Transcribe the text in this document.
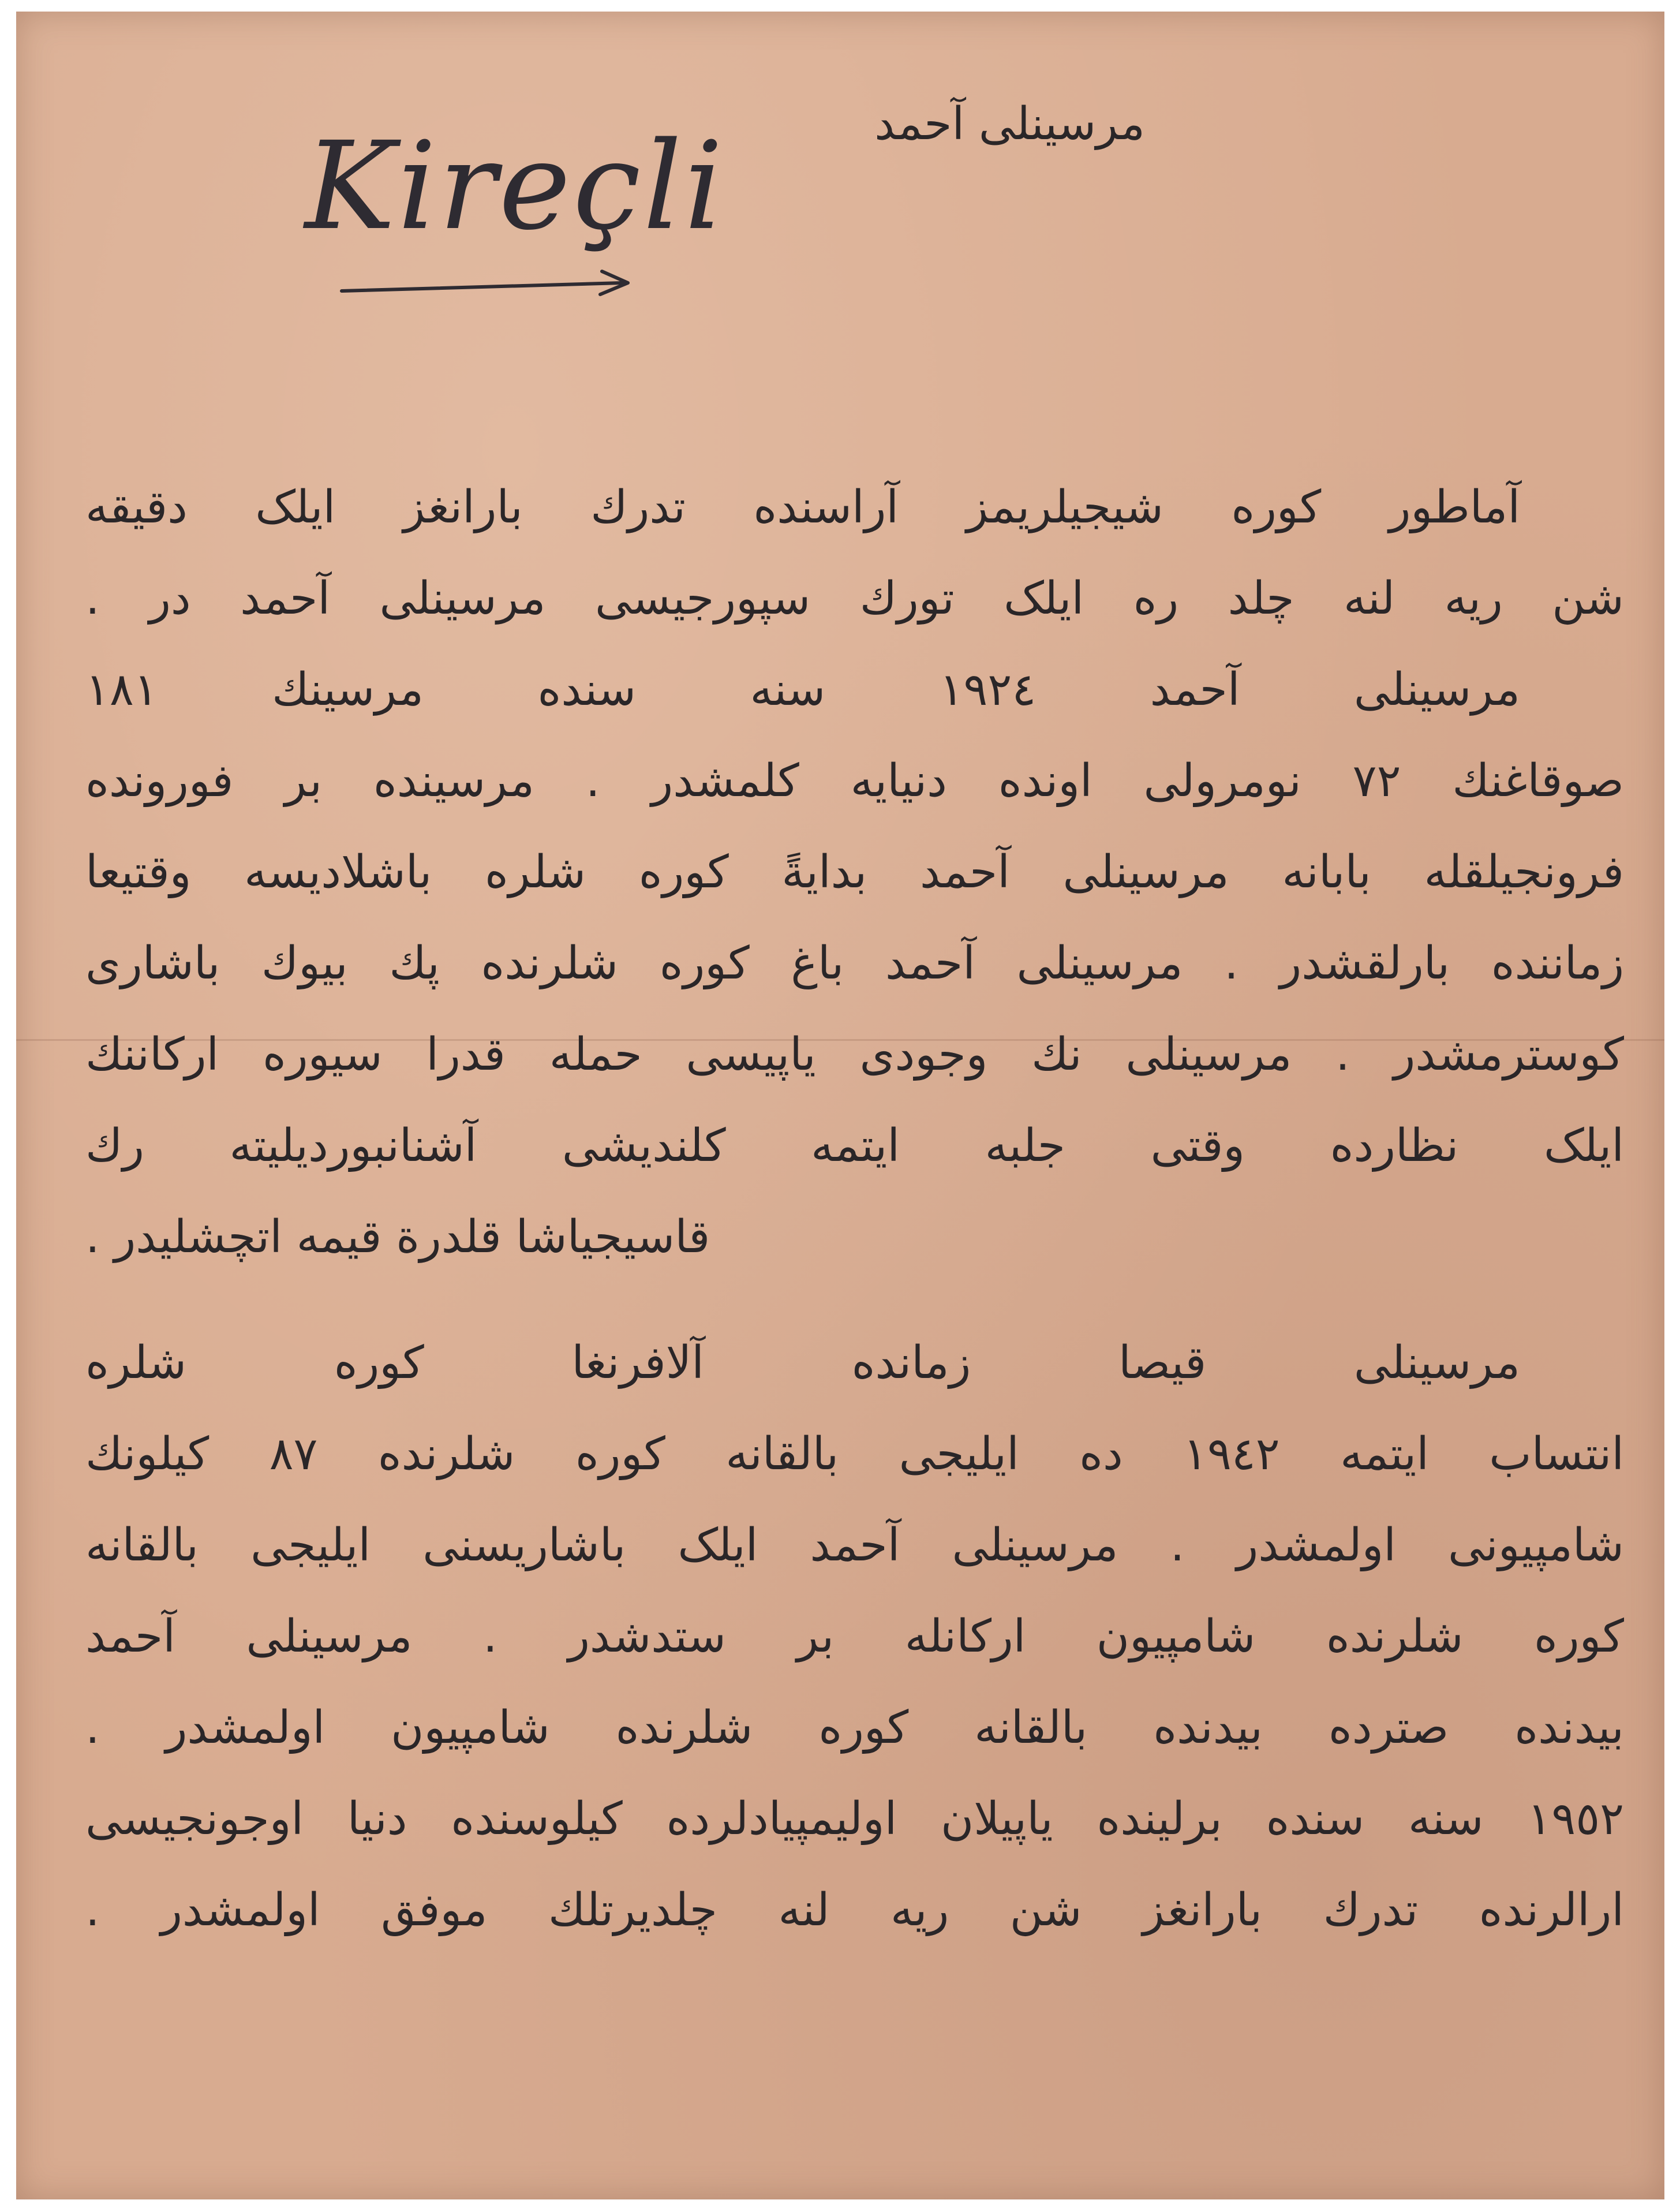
مرسینلی آحمد
Kireçli
آماطور کوره شیجیلریمز آراسنده تدرك بارانغز ایلک دقیقه
شن ریه لنه چلد ره ایلک تورك سپورجیسی مرسینلی آحمد در .
مرسینلی آحمد ١٩٢٤ سنه سنده مرسینك ١٨١
صوقاغنك ٧٢ نومرولی اونده دنیایه کلمشدر . مرسینده بر فورونده
فرونجیلقله بابانه مرسینلی آحمد بدایةً کوره شلره باشلادیسه وقتیعا
زماننده بارلقشدر . مرسینلی آحمد باغ کوره شلرنده پك بیوك باشاری
کوسترمشدر . مرسینلی نك وجودی یاپیسی حمله قدرا سیوره ارکاننك
ایلک نظارده وقتی جلبه ایتمه کلندیشی آشنانبوردیلیته رك
قاسیجیاشا قلدرة قیمه اتچشلیدر .
مرسینلی قیصا زمانده آلافرنغا کوره شلره
انتساب ایتمه ۱۹٤۲ ده ایلیجی بالقانه کوره شلرنده ٨٧ کیلونك
شامپیونی اولمشدر . مرسینلی آحمد ایلک باشاریسنی ایلیجی بالقانه
کوره شلرنده شامپیون ارکانله بر ستدشدر . مرسینلی آحمد
بیدنده صترده بیدنده بالقانه کوره شلرنده شامپیون اولمشدر .
١٩٥٢ سنه سنده برلینده یاپیلان اولیمپیادلرده کیلوسنده دنیا اوجونجیسی
ارالرنده تدرك بارانغز شن ریه لنه چلدیرتلك موفق اولمشدر .
